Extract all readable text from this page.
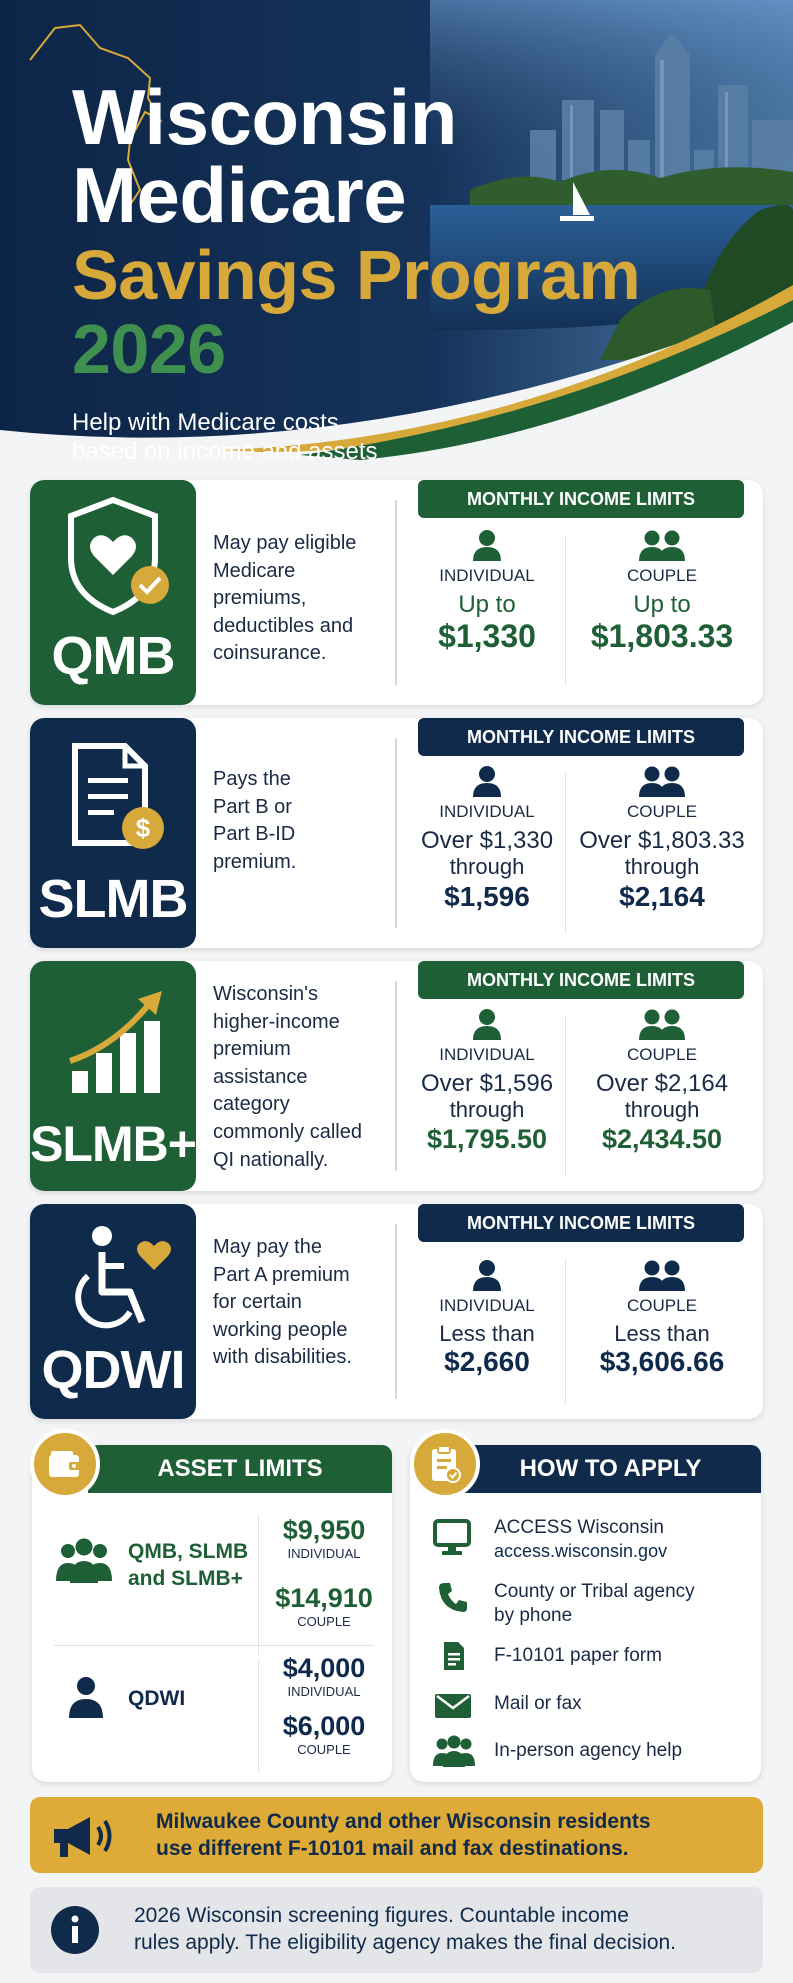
Wisconsin
Medicare
Savings Program
2026
Help with Medicare costs
based on income and assets
QMB
May pay eligible
Medicare premiums,
deductibles and
coinsurance.
MONTHLY INCOME LIMITS
INDIVIDUAL
Up to
$1,330
COUPLE
Up to
$1,803.33
$
SLMB
Pays the
Part B or
Part B-ID
premium.
MONTHLY INCOME LIMITS
INDIVIDUAL
Over $1,330
through
$1,596
COUPLE
Over $1,803.33
through
$2,164
SLMB+
Wisconsin's
higher-income
premium
assistance
category
commonly called
QI nationally.
MONTHLY INCOME LIMITS
INDIVIDUAL
Over $1,596
through
$1,795.50
COUPLE
Over $2,164
through
$2,434.50
QDWI
May pay the
Part A premium
for certain
working people
with disabilities.
MONTHLY INCOME LIMITS
INDIVIDUAL
Less than
$2,660
COUPLE
Less than
$3,606.66
ASSET LIMITS
QMB, SLMB
and SLMB+
$9,950
INDIVIDUAL
$14,910
COUPLE
QDWI
$4,000
INDIVIDUAL
$6,000
COUPLE
HOW TO APPLY
ACCESS Wisconsin
access.wisconsin.gov
County or Tribal agency
by phone
F-10101 paper form
Mail or fax
In-person agency help
Milwaukee County and other Wisconsin residents
use different F-10101 mail and fax destinations.
2026 Wisconsin screening figures. Countable income
rules apply. The eligibility agency makes the final decision.
